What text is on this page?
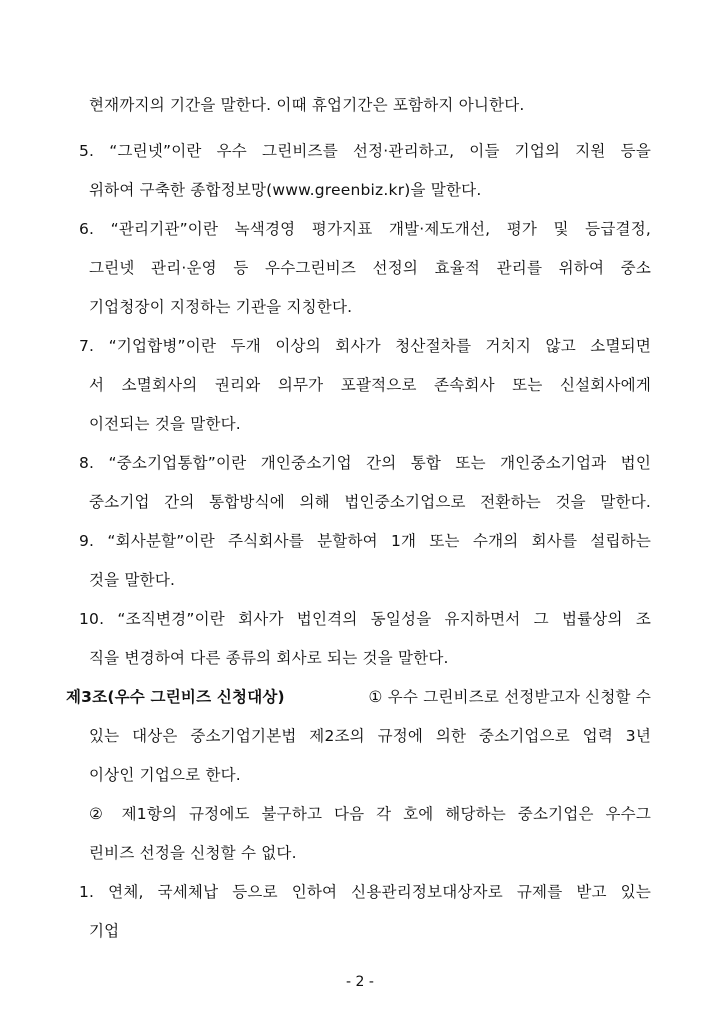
현재까지의 기간을 말한다. 이때 휴업기간은 포함하지 아니한다.
5. “그린넷”이란 우수 그린비즈를 선정·관리하고, 이들 기업의 지원 등을
위하여 구축한 종합정보망(www.greenbiz.kr)을 말한다.
6. “관리기관”이란 녹색경영 평가지표 개발·제도개선, 평가 및 등급결정,
그린넷 관리·운영 등 우수그린비즈 선정의 효율적 관리를 위하여 중소
기업청장이 지정하는 기관을 지칭한다.
7. “기업합병”이란 두개 이상의 회사가 청산절차를 거치지 않고 소멸되면
서 소멸회사의 권리와 의무가 포괄적으로 존속회사 또는 신설회사에게
이전되는 것을 말한다.
8. “중소기업통합”이란 개인중소기업 간의 통합 또는 개인중소기업과 법인
중소기업 간의 통합방식에 의해 법인중소기업으로 전환하는 것을 말한다.
9. “회사분할”이란 주식회사를 분할하여 1개 또는 수개의 회사를 설립하는
것을 말한다.
10. “조직변경”이란 회사가 법인격의 동일성을 유지하면서 그 법률상의 조
직을 변경하여 다른 종류의 회사로 되는 것을 말한다.
제3조(우수 그린비즈 신청대상)	① 우수 그린비즈로 선정받고자 신청할 수
있는 대상은 중소기업기본법 제2조의 규정에 의한 중소기업으로 업력 3년
이상인 기업으로 한다.
② 제1항의 규정에도 불구하고 다음 각 호에 해당하는 중소기업은 우수그
린비즈 선정을 신청할 수 없다.
1. 연체, 국세체납 등으로 인하여 신용관리정보대상자로 규제를 받고 있는
기업
- 2 -
